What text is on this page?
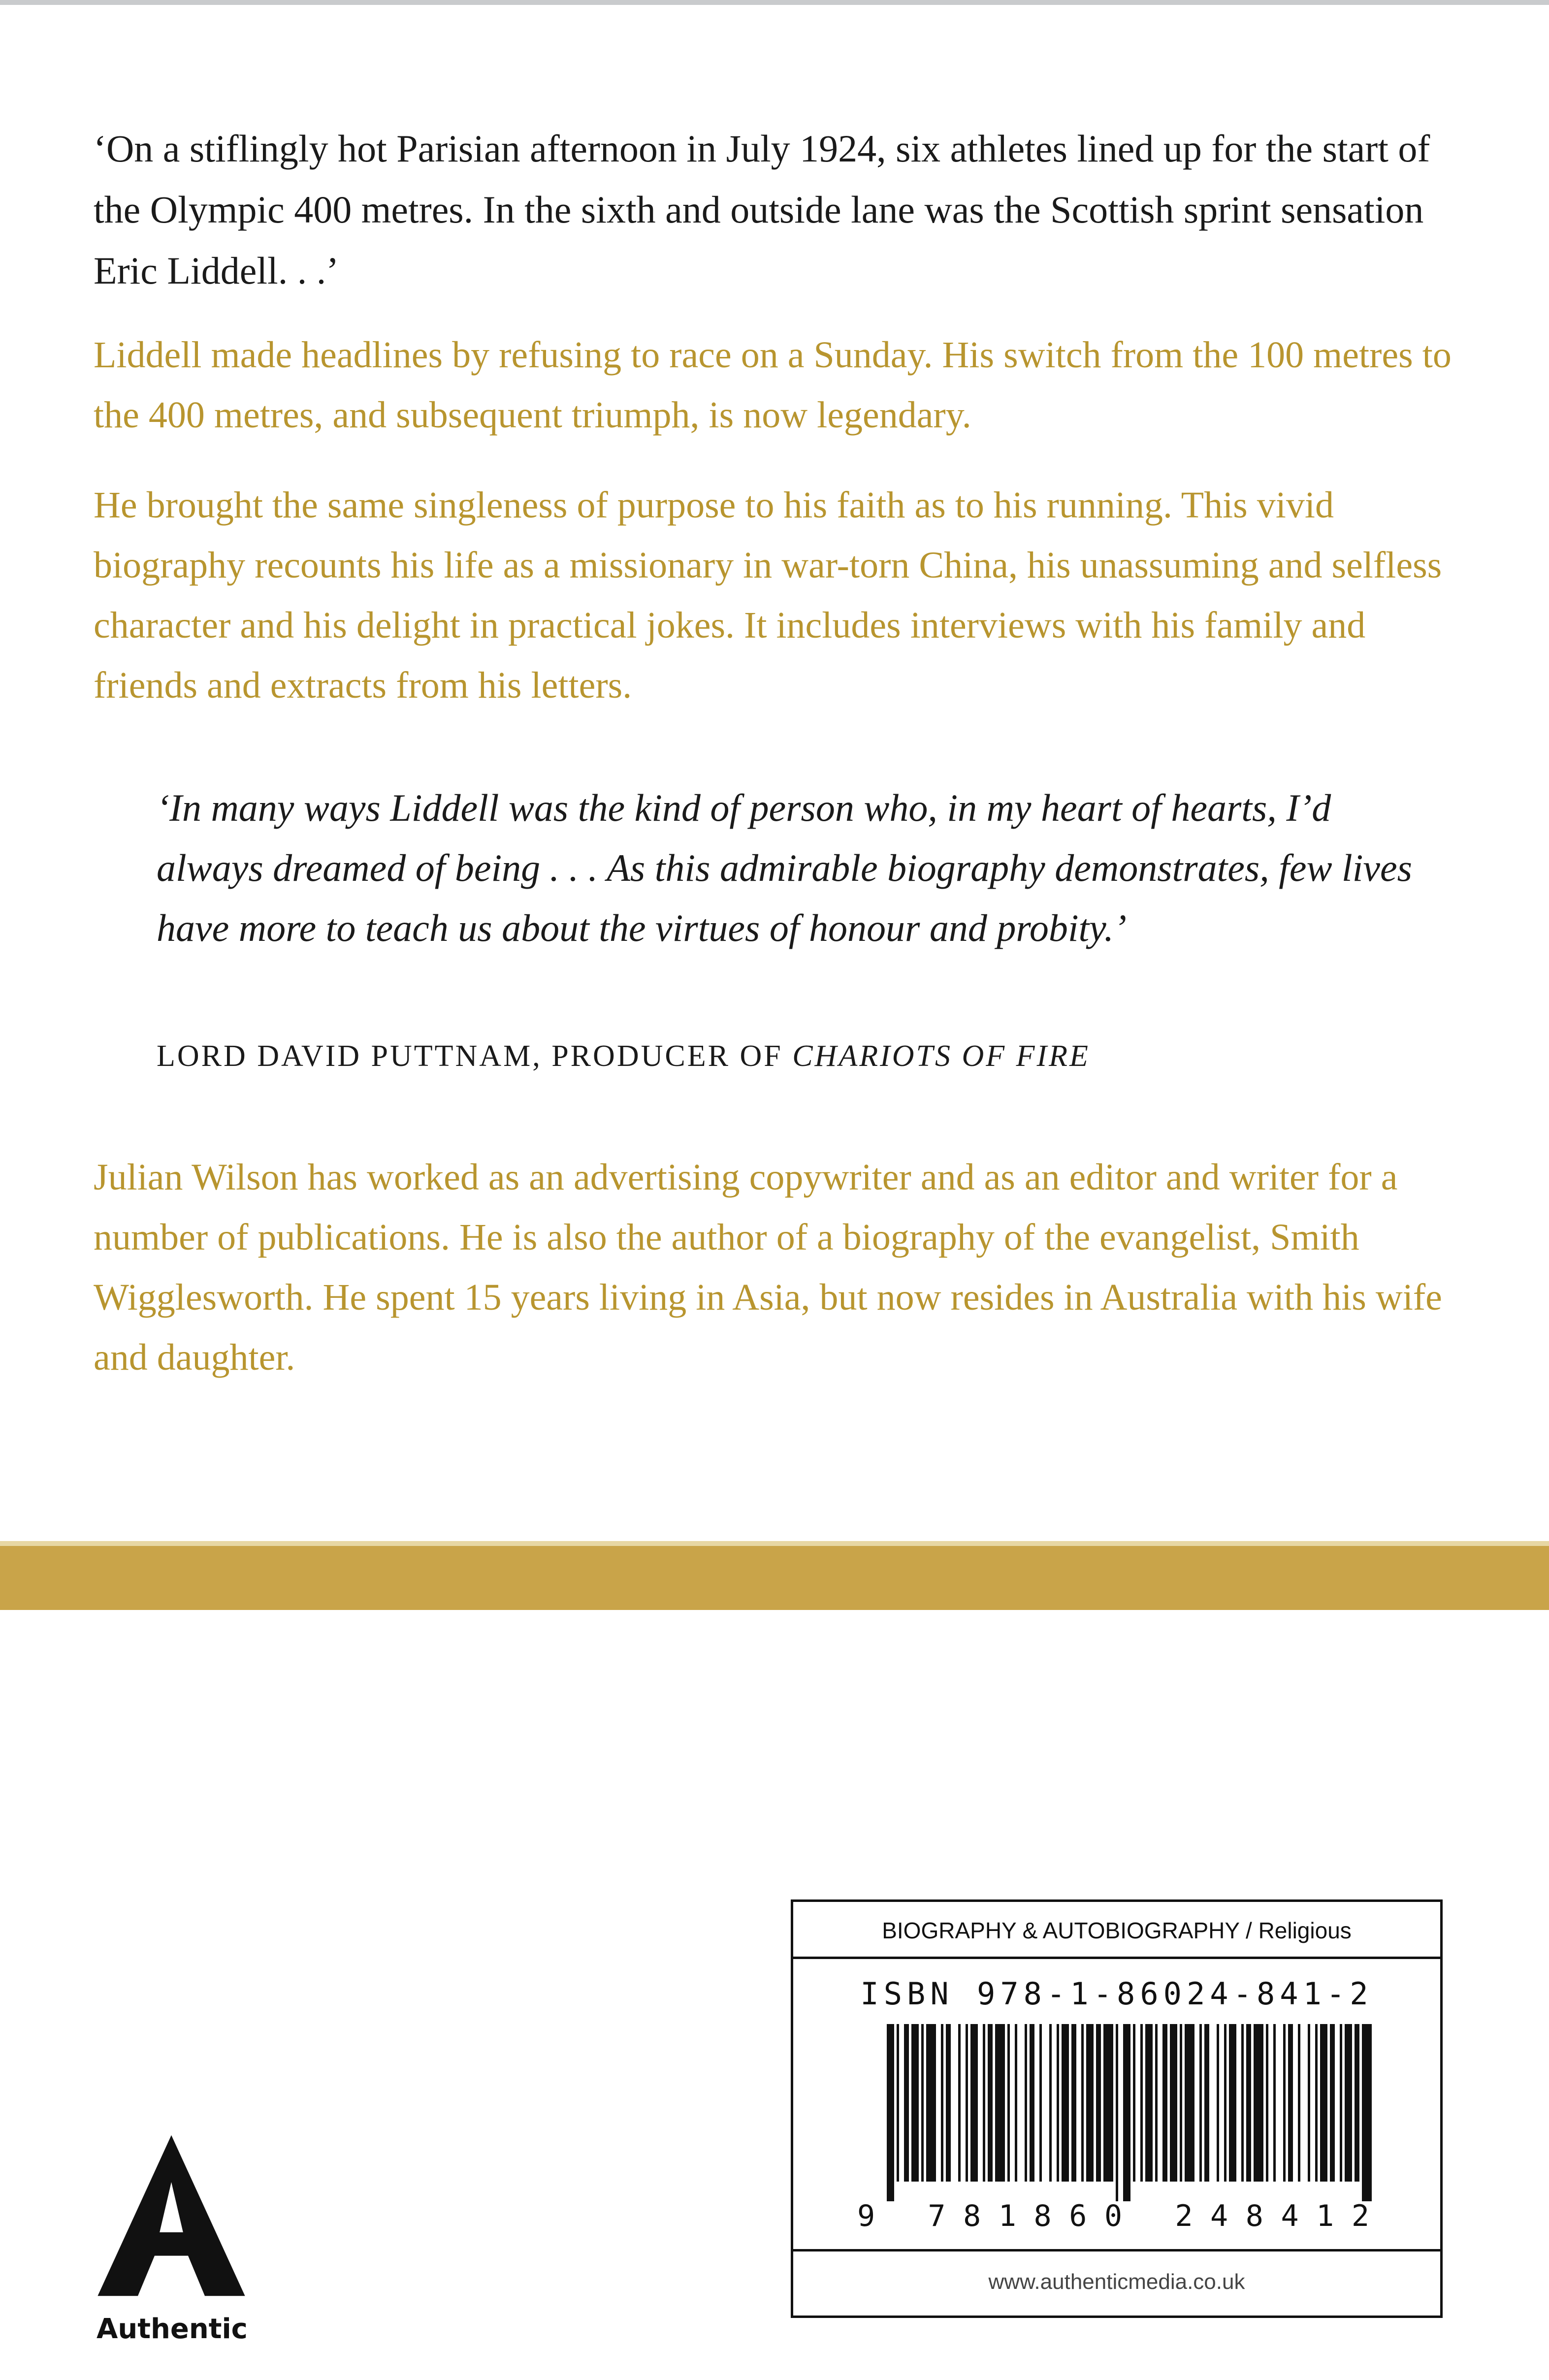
‘On a stiflingly hot Parisian afternoon in July 1924, six athletes lined up for the start of the Olympic 400 metres. In the sixth and outside lane was the Scottish sprint sensation Eric Liddell. . .’

Liddell made headlines by refusing to race on a Sunday. His switch from the 100 metres to the 400 metres, and subsequent triumph, is now legendary.

He brought the same singleness of purpose to his faith as to his running. This vivid biography recounts his life as a missionary in war-torn China, his unassuming and selfless character and his delight in practical jokes. It includes interviews with his family and friends and extracts from his letters.

‘In many ways Liddell was the kind of person who, in my heart of hearts, I’d always dreamed of being . . . As this admirable biography demonstrates, few lives have more to teach us about the virtues of honour and probity.’

LORD DAVID PUTTNAM, PRODUCER OF CHARIOTS OF FIRE

Julian Wilson has worked as an advertising copywriter and as an editor and writer for a number of publications. He is also the author of a biography of the evangelist, Smith Wigglesworth. He spent 15 years living in Asia, but now resides in Australia with his wife and daughter.

Authentic
BIOGRAPHY & AUTOBIOGRAPHY / Religious
ISBN 978-1-86024-841-2
9 781860 248412
www.authenticmedia.co.uk
